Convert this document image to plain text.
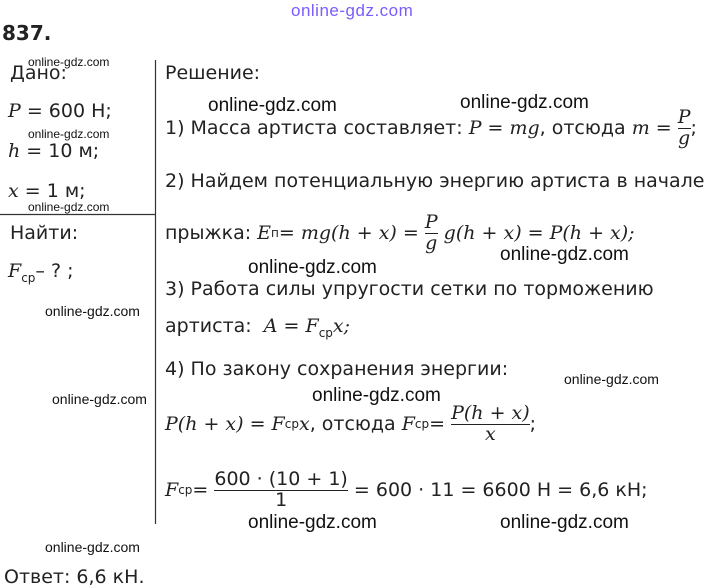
online-gdz.com
837.
Дано:
P = 600 Н;
h = 10 м;
x = 1 м;
Найти:
$F_{ср}-$ ? ;
Ответ: 6,6 кН.
Решение:
1) Масса артиста составляет:
P = mg , отсюда
m =
$\frac{P}{g}$ ;
2) Найдем потенциальную энергию артиста в начале
прыжка:
E п = mg(h + x) =
$\frac{P}{g}$
g(h + x) = P(h + x);
3) Работа силы упругости сетки по торможению
артиста: $A = F_{ср}x$;
4) По закону сохранения энергии:
P(h + x) = F ср x , отсюда
F ср =
$\frac{P(h + x)}{x}$ ;
F ср =
$\frac{600 \cdot (10 + 1)}{1}$
= 600 · 11 = 6600 Н = 6,6 кН;
online-gdz.com
online-gdz.com
online-gdz.com
online-gdz.com
online-gdz.com
online-gdz.com
online-gdz.com
online-gdz.com	online-gdz.com
online-gdz.com
online-gdz.com
online-gdz.com
online-gdz.com	online-gdz.com
